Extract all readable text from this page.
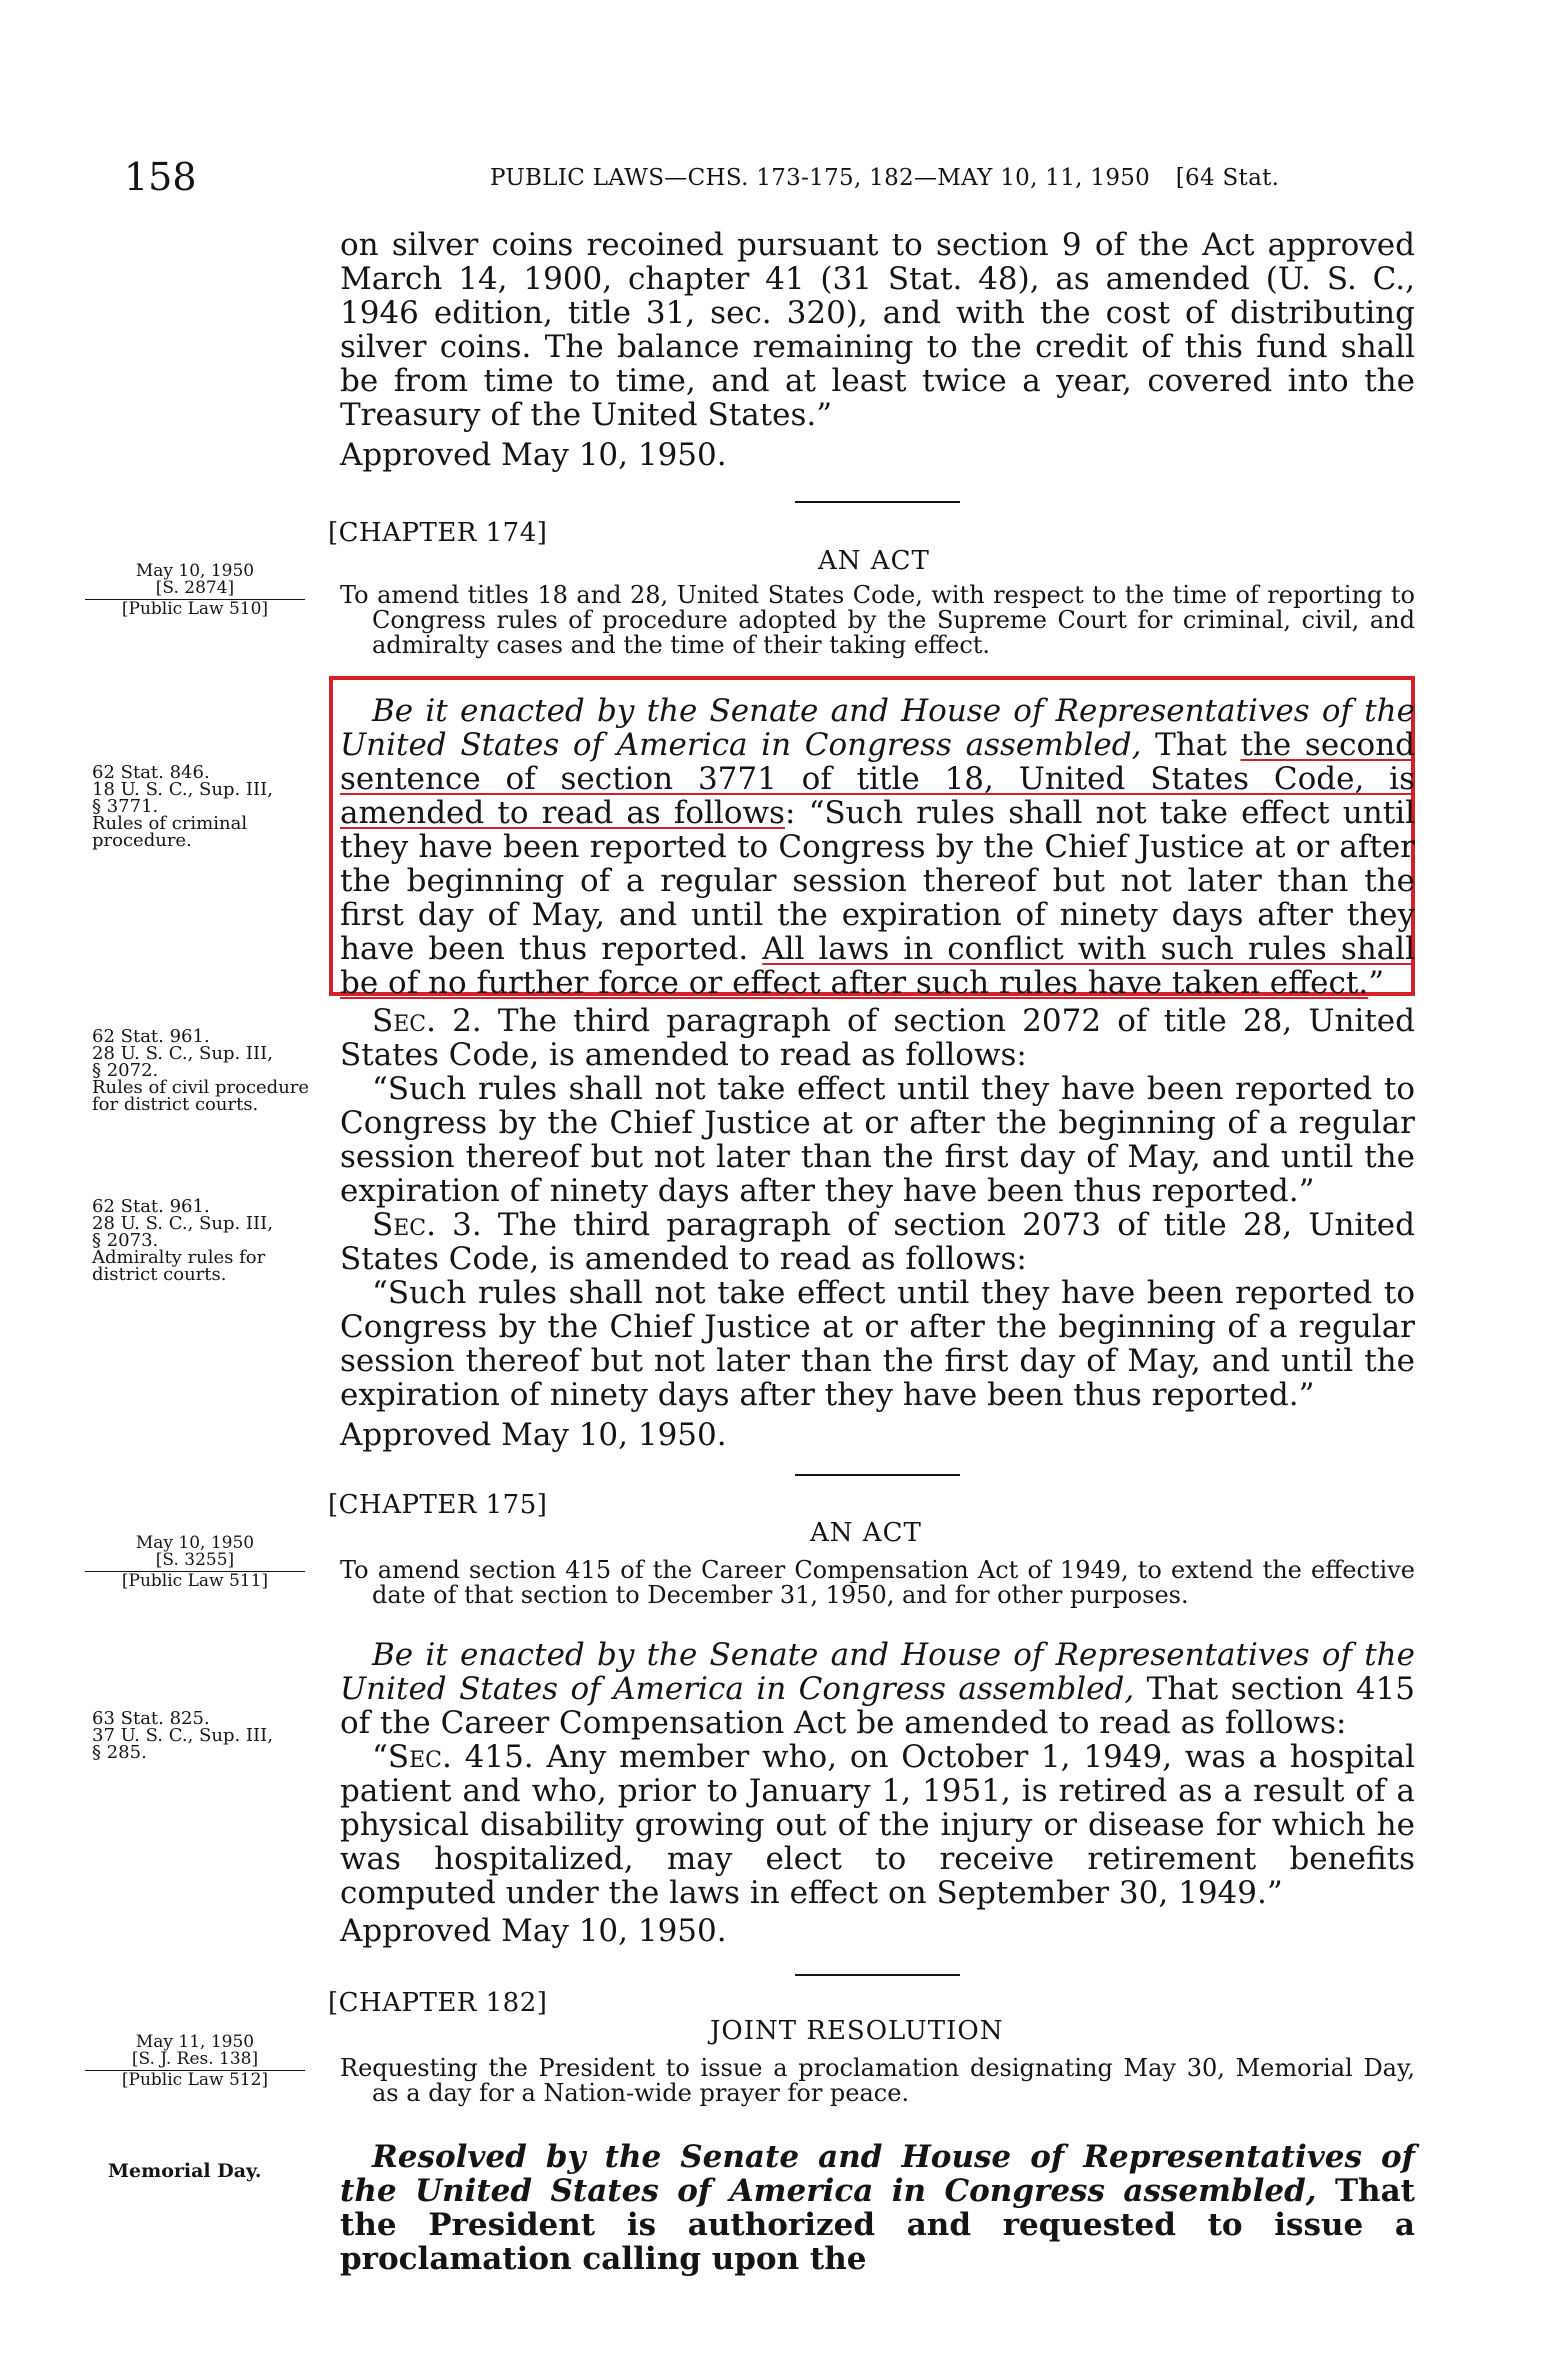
158	PUBLIC LAWS—CHS. 173-175, 182—MAY 10, 11, 1950 [64 Stat.

on silver coins recoined pursuant to section 9 of the Act approved March 14, 1900, chapter 41 (31 Stat. 48), as amended (U. S. C., 1946 edition, title 31, sec. 320), and with the cost of distributing silver coins. The balance remaining to the credit of this fund shall be from time to time, and at least twice a year, covered into the Treasury of the United States.”

Approved May 10, 1950.

[CHAPTER 174]
AN ACT
May 10, 1950
[S. 2874]
[Public Law 510]	To amend titles 18 and 28, United States Code, with respect to the time of reporting to Congress rules of procedure adopted by the Supreme Court for criminal, civil, and admiralty cases and the time of their taking effect.

Be it enacted by the Senate and House of Representatives of the United States of America in Congress assembled, That the second sentence of section 3771 of title 18, United States Code, is amended to read as follows: “Such rules shall not take effect until they have been reported to Congress by the Chief Justice at or after the beginning of a regular session thereof but not later than the first day of May, and until the expiration of ninety days after they have been thus reported. All laws in conflict with such rules shall be of no further force or effect after such rules have taken effect.”

Sec. 2. The third paragraph of section 2072 of title 28, United States Code, is amended to read as follows:

“Such rules shall not take effect until they have been reported to Congress by the Chief Justice at or after the beginning of a regular session thereof but not later than the first day of May, and until the expiration of ninety days after they have been thus reported.”

Sec. 3. The third paragraph of section 2073 of title 28, United States Code, is amended to read as follows:

“Such rules shall not take effect until they have been reported to Congress by the Chief Justice at or after the beginning of a regular session thereof but not later than the first day of May, and until the expiration of ninety days after they have been thus reported.”

Approved May 10, 1950.

62 Stat. 846.
18 U. S. C., Sup. III,
§ 3771.
Rules of criminal procedure.
62 Stat. 961.
28 U. S. C., Sup. III,
§ 2072.
Rules of civil procedure for district courts.
62 Stat. 961.
28 U. S. C., Sup. III,
§ 2073.
Admiralty rules for district courts.
[CHAPTER 175]
AN ACT
May 10, 1950
[S. 3255]
[Public Law 511]	To amend section 415 of the Career Compensation Act of 1949, to extend the effective date of that section to December 31, 1950, and for other purposes.

Be it enacted by the Senate and House of Representatives of the United States of America in Congress assembled, That section 415 of the Career Compensation Act be amended to read as follows:

“Sec. 415. Any member who, on October 1, 1949, was a hospital patient and who, prior to January 1, 1951, is retired as a result of a physical disability growing out of the injury or disease for which he was hospitalized, may elect to receive retirement benefits computed under the laws in effect on September 30, 1949.”

Approved May 10, 1950.

63 Stat. 825.
37 U. S. C., Sup. III,
§ 285.
[CHAPTER 182]
JOINT RESOLUTION
May 11, 1950
[S. J. Res. 138]
[Public Law 512]	Requesting the President to issue a proclamation designating May 30, Memorial Day, as a day for a Nation-wide prayer for peace.
Memorial Day.	Resolved by the Senate and House of Representatives of the United States of America in Congress assembled, That the President is authorized and requested to issue a proclamation calling upon the
